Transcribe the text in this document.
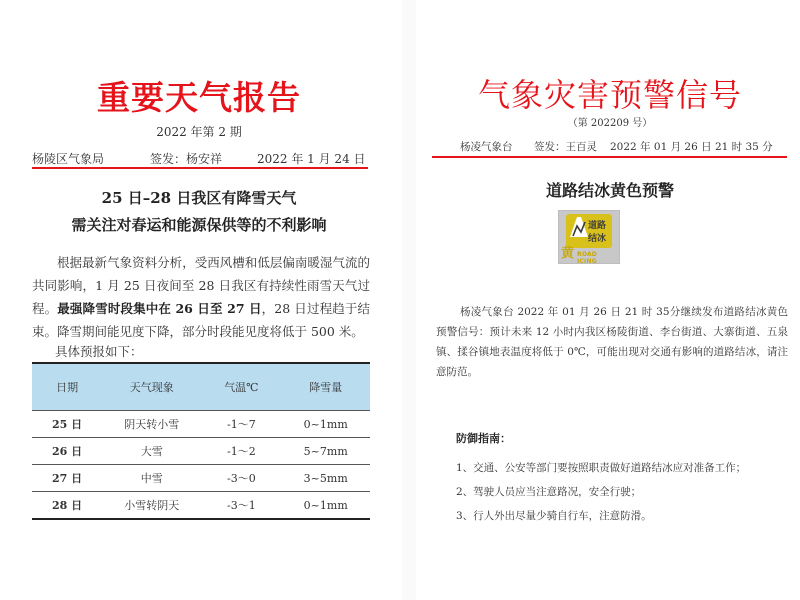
重要天气报告
2022 年第 2 期
杨陵区气象局	签发：杨安祥	2022 年 1 月 24 日
25 日–28 日我区有降雪天气
需关注对春运和能源保供等的不利影响

根据最新气象资料分析，受西风槽和低层偏南暖湿气流的共同影响，1 月 25 日夜间至 28 日我区有持续性雨雪天气过程。最强降雪时段集中在 26 日至 27 日，28 日过程趋于结束。降雪期间能见度下降，部分时段能见度将低于 500 米。

具体预报如下：
日期	天气现象	气温℃	降雪量
25 日	阴天转小雪	-1～7	0~1mm
26 日	大雪	-1～2	5~7mm
27 日	中雪	-3～0	3~5mm
28 日	小雪转阴天	-3～1	0~1mm
气象灾害预警信号
（第 202209 号）
杨凌气象台 签发：王百灵 2022 年 01 月 26 日 21 时 35 分
道路结冰黄色预警
道路
结冰
黄 ROAD ICING

杨凌气象台 2022 年 01 月 26 日 21 时 35分继续发布道路结冰黄色预警信号：预计未来 12 小时内我区杨陵街道、李台街道、大寨街道、五泉镇、揉谷镇地表温度将低于 0℃，可能出现对交通有影响的道路结冰，请注意防范。

防御指南：
1、交通、公安等部门要按照职责做好道路结冰应对准备工作；
2、驾驶人员应当注意路况，安全行驶；
3、行人外出尽量少骑自行车，注意防滑。
